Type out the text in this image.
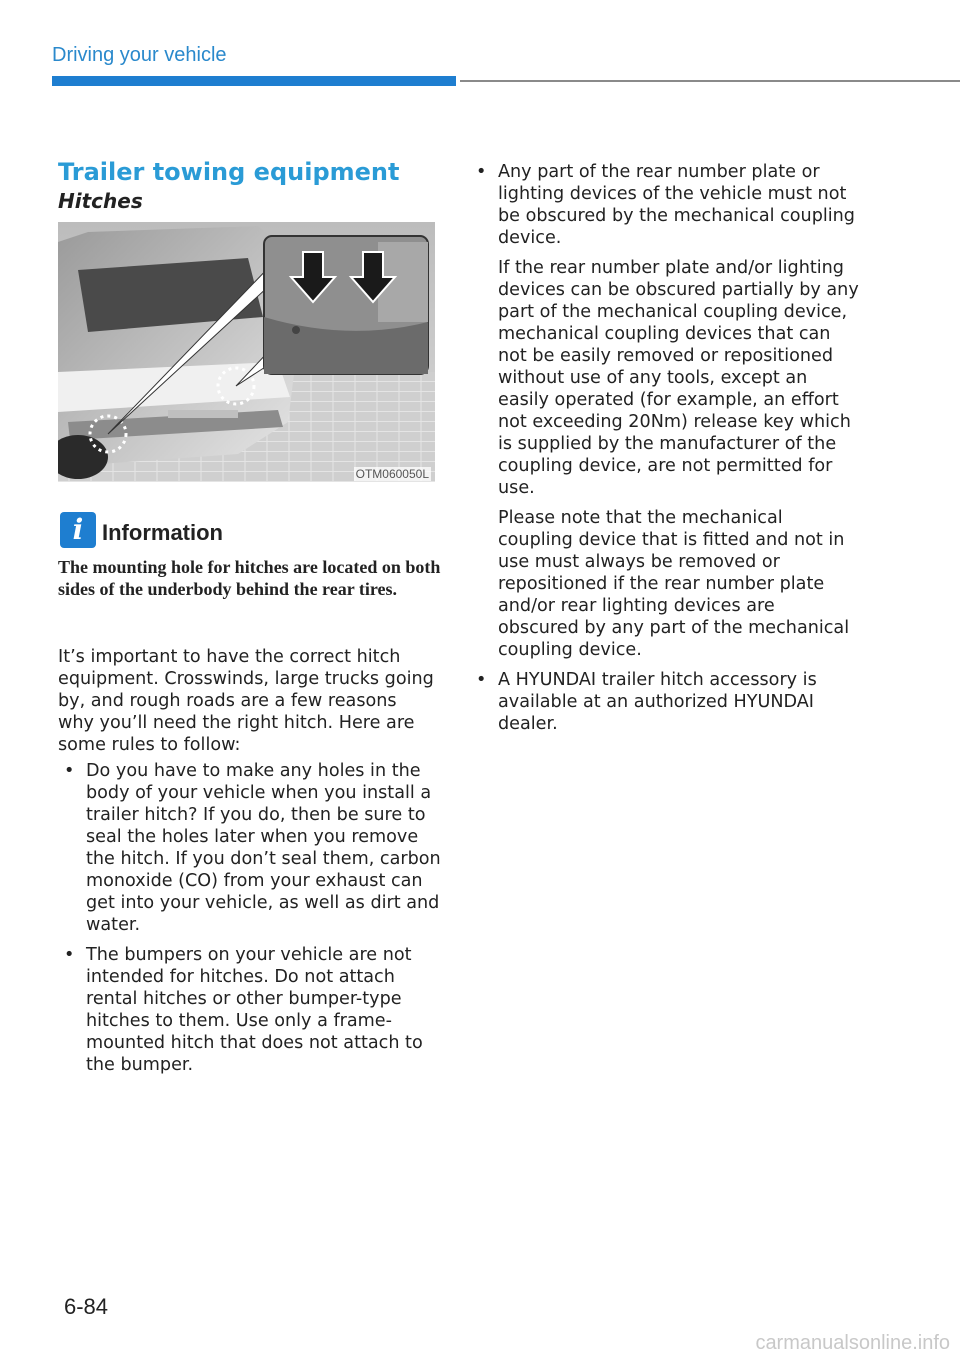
Driving your vehicle
Trailer towing equipment
Hitches
OTM060050L
i Information
The mounting hole for hitches are located on both sides of the underbody behind the rear tires.

It’s important to have the correct hitch equipment. Crosswinds, large trucks going by, and rough roads are a few reasons why you’ll need the right hitch. Here are some rules to follow:

• Do you have to make any holes in the body of your vehicle when you install a trailer hitch? If you do, then be sure to seal the holes later when you remove the hitch. If you don’t seal them, carbon monoxide (CO) from your exhaust can get into your vehicle, as well as dirt and water.
• The bumpers on your vehicle are not intended for hitches. Do not attach rental hitches or other bumper-type hitches to them. Use only a frame-mounted hitch that does not attach to the bumper.
• Any part of the rear number plate or lighting devices of the vehicle must not be obscured by the mechanical coupling device.
If the rear number plate and/or lighting devices can be obscured partially by any part of the mechanical coupling device, mechanical coupling devices that can not be easily removed or repositioned without use of any tools, except an easily operated (for example, an effort not exceeding 20Nm) release key which is supplied by the manufacturer of the coupling device, are not permitted for use.
Please note that the mechanical coupling device that is fitted and not in use must always be removed or repositioned if the rear number plate and/or rear lighting devices are obscured by any part of the mechanical coupling device.
• A HYUNDAI trailer hitch accessory is available at an authorized HYUNDAI dealer.
6-84
carmanualsonline.info
